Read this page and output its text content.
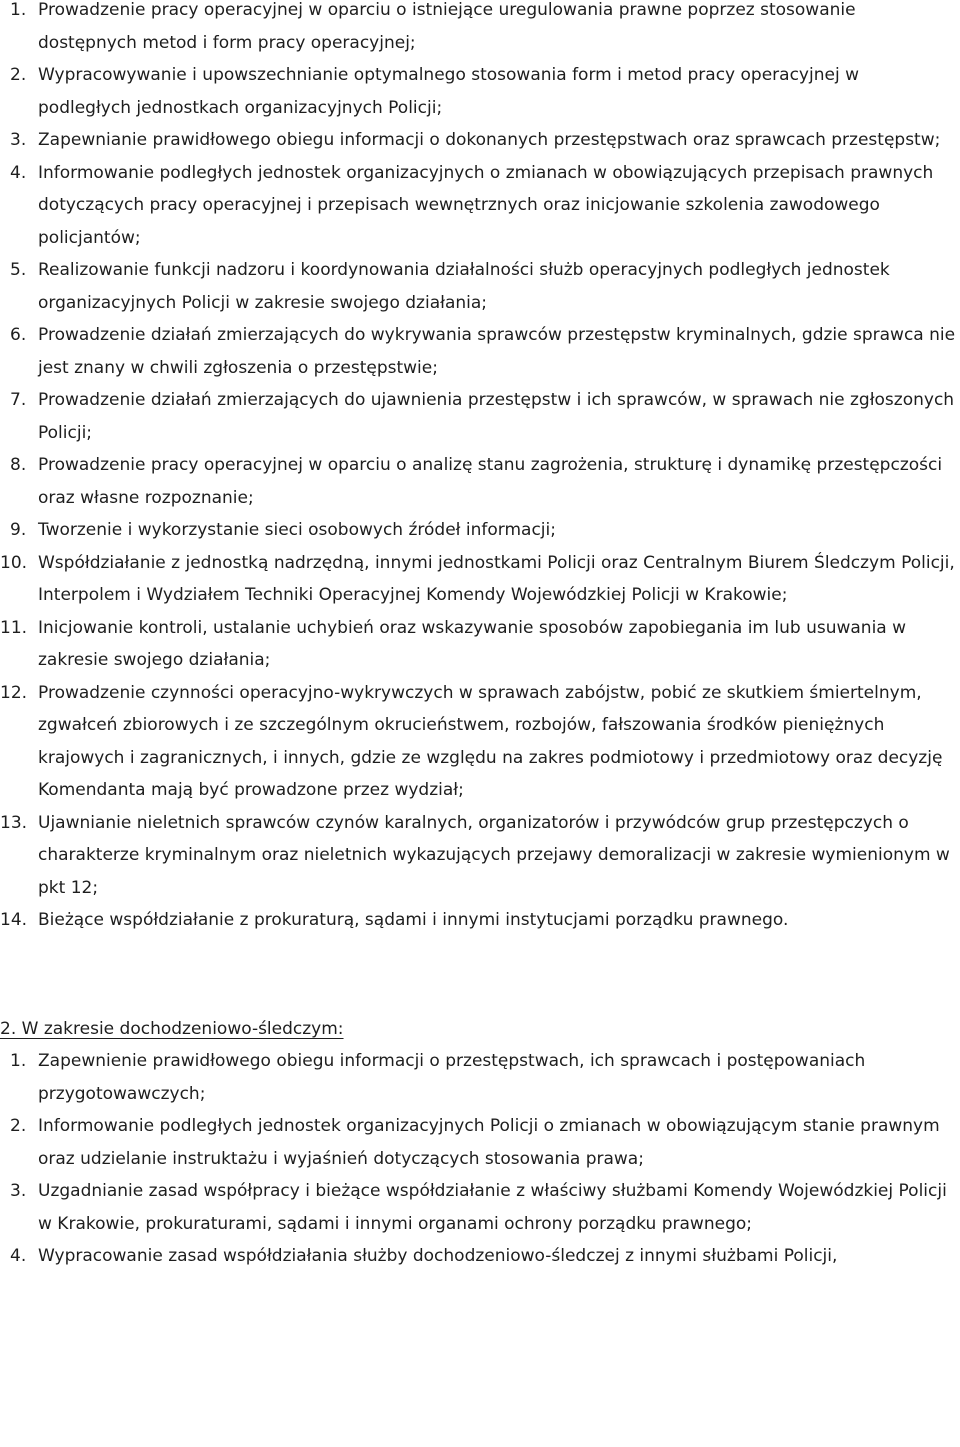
1. Prowadzenie pracy operacyjnej w oparciu o istniejące uregulowania prawne poprzez stosowanie dostępnych metod i form pracy operacyjnej;
2. Wypracowywanie i upowszechnianie optymalnego stosowania form i metod pracy operacyjnej w podległych jednostkach organizacyjnych Policji;
3. Zapewnianie prawidłowego obiegu informacji o dokonanych przestępstwach oraz sprawcach przestępstw;
4. Informowanie podległych jednostek organizacyjnych o zmianach w obowiązujących przepisach prawnych dotyczących pracy operacyjnej i przepisach wewnętrznych oraz inicjowanie szkolenia zawodowego policjantów;
5. Realizowanie funkcji nadzoru i koordynowania działalności służb operacyjnych podległych jednostek organizacyjnych Policji w zakresie swojego działania;
6. Prowadzenie działań zmierzających do wykrywania sprawców przestępstw kryminalnych, gdzie sprawca nie jest znany w chwili zgłoszenia o przestępstwie;
7. Prowadzenie działań zmierzających do ujawnienia przestępstw i ich sprawców, w sprawach nie zgłoszonych Policji;
8. Prowadzenie pracy operacyjnej w oparciu o analizę stanu zagrożenia, strukturę i dynamikę przestępczości oraz własne rozpoznanie;
9. Tworzenie i wykorzystanie sieci osobowych źródeł informacji;
10. Współdziałanie z jednostką nadrzędną, innymi jednostkami Policji oraz Centralnym Biurem Śledczym Policji, Interpolem i Wydziałem Techniki Operacyjnej Komendy Wojewódzkiej Policji w Krakowie;
11. Inicjowanie kontroli, ustalanie uchybień oraz wskazywanie sposobów zapobiegania im lub usuwania w zakresie swojego działania;
12. Prowadzenie czynności operacyjno-wykrywczych w sprawach zabójstw, pobić ze skutkiem śmiertelnym, zgwałceń zbiorowych i ze szczególnym okrucieństwem, rozbojów, fałszowania środków pieniężnych krajowych i zagranicznych, i innych, gdzie ze względu na zakres podmiotowy i przedmiotowy oraz decyzję Komendanta mają być prowadzone przez wydział;
13. Ujawnianie nieletnich sprawców czynów karalnych, organizatorów i przywódców grup przestępczych o charakterze kryminalnym oraz nieletnich wykazujących przejawy demoralizacji w zakresie wymienionym w pkt 12;
14. Bieżące współdziałanie z prokuraturą, sądami i innymi instytucjami porządku prawnego.
2. W zakresie dochodzeniowo-śledczym:
1. Zapewnienie prawidłowego obiegu informacji o przestępstwach, ich sprawcach i postępowaniach przygotowawczych;
2. Informowanie podległych jednostek organizacyjnych Policji o zmianach w obowiązującym stanie prawnym oraz udzielanie instruktażu i wyjaśnień dotyczących stosowania prawa;
3. Uzgadnianie zasad współpracy i bieżące współdziałanie z właściwy służbami Komendy Wojewódzkiej Policji w Krakowie, prokuraturami, sądami i innymi organami ochrony porządku prawnego;
4. Wypracowanie zasad współdziałania służby dochodzeniowo-śledczej z innymi służbami Policji,
